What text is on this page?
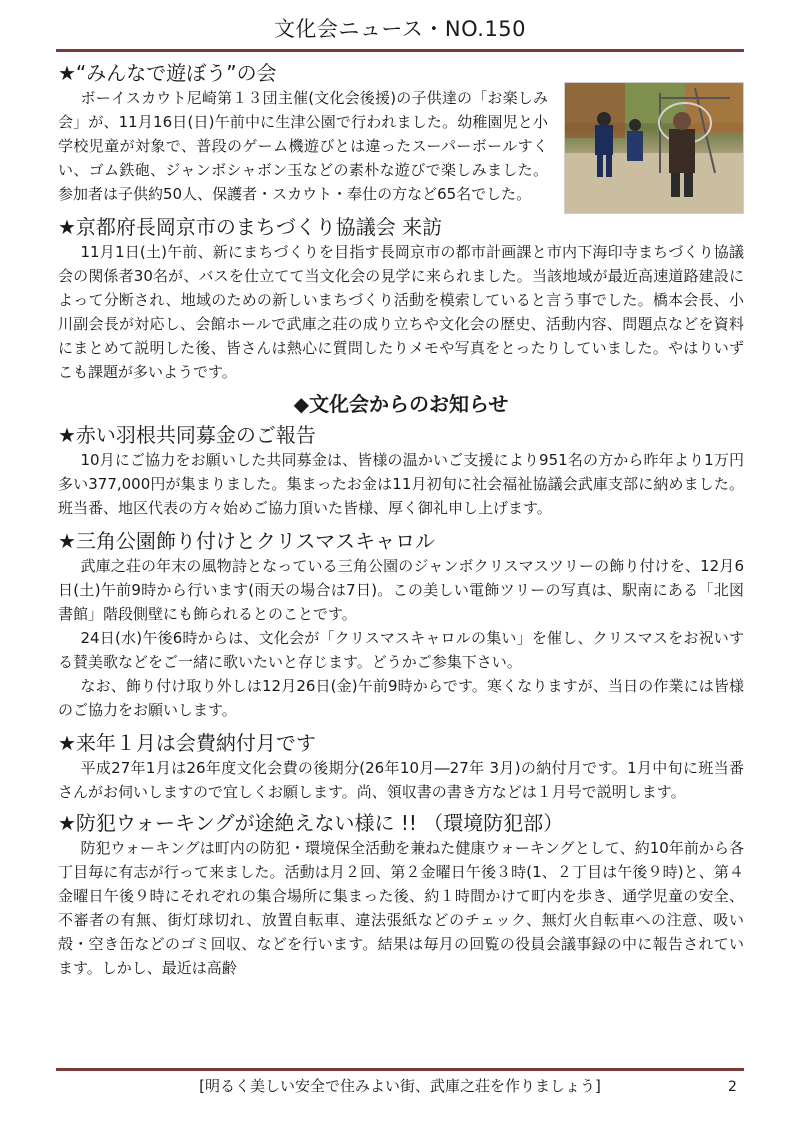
文化会ニュース・NO.150
★“みんなで遊ぼう”の会

ボーイスカウト尼崎第１３団主催(文化会後援)の子供達の「お楽しみ会」が、11月16日(日)午前中に生津公園で行われました。幼稚園児と小学校児童が対象で、普段のゲーム機遊びとは違ったスーパーボールすくい、ゴム鉄砲、ジャンボシャボン玉などの素朴な遊びで楽しみました。参加者は子供約50人、保護者・スカウト・奉仕の方など65名でした。

★京都府長岡京市のまちづくり協議会 来訪

11月1日(土)午前、新にまちづくりを目指す長岡京市の都市計画課と市内下海印寺まちづくり協議会の関係者30名が、バスを仕立てて当文化会の見学に来られました。当該地域が最近高速道路建設によって分断され、地域のための新しいまちづくり活動を模索していると言う事でした。橋本会長、小川副会長が対応し、会館ホールで武庫之荘の成り立ちや文化会の歴史、活動内容、問題点などを資料にまとめて説明した後、皆さんは熱心に質問したりメモや写真をとったりしていました。やはりいずこも課題が多いようです。

◆文化会からのお知らせ
★赤い羽根共同募金のご報告

10月にご協力をお願いした共同募金は、皆様の温かいご支援により951名の方から昨年より1万円多い377,000円が集まりました。集まったお金は11月初旬に社会福祉協議会武庫支部に納めました。班当番、地区代表の方々始めご協力頂いた皆様、厚く御礼申し上げます。

★三角公園飾り付けとクリスマスキャロル

武庫之荘の年末の風物詩となっている三角公園のジャンボクリスマスツリーの飾り付けを、12月6日(土)午前9時から行います(雨天の場合は7日)。この美しい電飾ツリーの写真は、駅南にある「北図書館」階段側壁にも飾られるとのことです。

24日(水)午後6時からは、文化会が「クリスマスキャロルの集い」を催し、クリスマスをお祝いする賛美歌などをご一緒に歌いたいと存じます。どうかご参集下さい。

なお、飾り付け取り外しは12月26日(金)午前9時からです。寒くなりますが、当日の作業には皆様のご協力をお願いします。

★来年１月は会費納付月です

平成27年1月は26年度文化会費の後期分(26年10月―27年 3月)の納付月です。1月中旬に班当番さんがお伺いしますので宜しくお願します。尚、領収書の書き方などは１月号で説明します。

★防犯ウォーキングが途絶えない様に !! （環境防犯部）

防犯ウォーキングは町内の防犯・環境保全活動を兼ねた健康ウォーキングとして、約10年前から各丁目毎に有志が行って来ました。活動は月２回、第２金曜日午後３時(1、２丁目は午後９時)と、第４金曜日午後９時にそれぞれの集合場所に集まった後、約１時間かけて町内を歩き、通学児童の安全、不審者の有無、街灯球切れ、放置自転車、違法張紙などのチェック、無灯火自転車への注意、吸い殻・空き缶などのゴミ回収、などを行います。結果は毎月の回覧の役員会議事録の中に報告されています。しかし、最近は高齢

[明るく美しい安全で住みよい街、武庫之荘を作りましょう]	2
